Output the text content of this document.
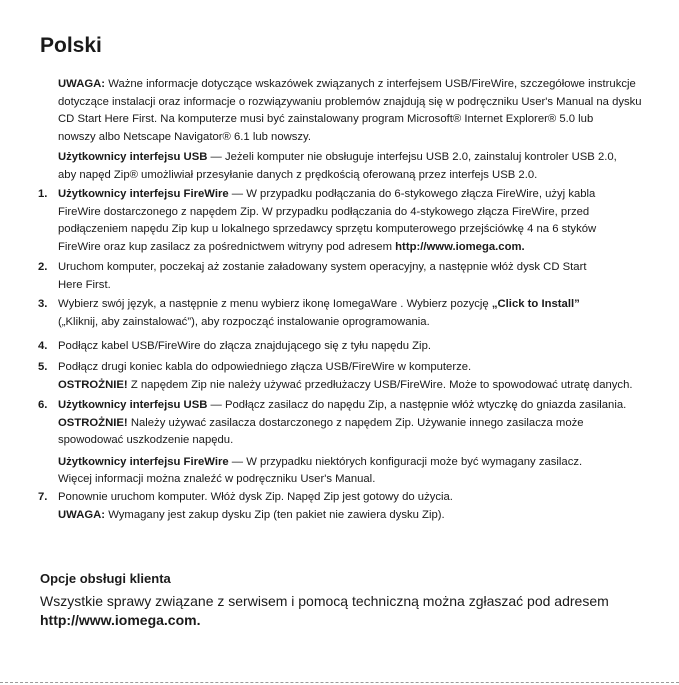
Polski
UWAGA: Ważne informacje dotyczące wskazówek związanych z interfejsem USB/FireWire, szczegółowe instrukcje
dotyczące instalacji oraz informacje o rozwiązywaniu problemów znajdują się w podręczniku User's Manual na dysku
CD Start Here First. Na komputerze musi być zainstalowany program Microsoft® Internet Explorer® 5.0 lub
nowszy albo Netscape Navigator® 6.1 lub nowszy.
Użytkownicy interfejsu USB — Jeżeli komputer nie obsługuje interfejsu USB 2.0, zainstaluj kontroler USB 2.0,
aby napęd Zip® umożliwiał przesyłanie danych z prędkością oferowaną przez interfejs USB 2.0.
1. Użytkownicy interfejsu FireWire — W przypadku podłączania do 6-stykowego złącza FireWire, użyj kabla
FireWire dostarczonego z napędem Zip. W przypadku podłączania do 4-stykowego złącza FireWire, przed
podłączeniem napędu Zip kup u lokalnego sprzedawcy sprzętu komputerowego przejściówkę 4 na 6 styków
FireWire oraz kup zasilacz za pośrednictwem witryny pod adresem http://www.iomega.com.
2. Uruchom komputer, poczekaj aż zostanie załadowany system operacyjny, a następnie włóż dysk CD Start
Here First.
3. Wybierz swój język, a następnie z menu wybierz ikonę IomegaWare . Wybierz pozycję „Click to Install”
(„Kliknij, aby zainstalować”), aby rozpocząć instalowanie oprogramowania.
4. Podłącz kabel USB/FireWire do złącza znajdującego się z tyłu napędu Zip.
5. Podłącz drugi koniec kabla do odpowiedniego złącza USB/FireWire w komputerze.
OSTROŻNIE! Z napędem Zip nie należy używać przedłużaczy USB/FireWire. Może to spowodować utratę danych.
6. Użytkownicy interfejsu USB — Podłącz zasilacz do napędu Zip, a następnie włóż wtyczkę do gniazda zasilania.
OSTROŻNIE! Należy używać zasilacza dostarczonego z napędem Zip. Używanie innego zasilacza może
spowodować uszkodzenie napędu.
Użytkownicy interfejsu FireWire — W przypadku niektórych konfiguracji może być wymagany zasilacz.
Więcej informacji można znaleźć w podręczniku User's Manual.
7. Ponownie uruchom komputer. Włóż dysk Zip. Napęd Zip jest gotowy do użycia.
UWAGA: Wymagany jest zakup dysku Zip (ten pakiet nie zawiera dysku Zip).
Opcje obsługi klienta
Wszystkie sprawy związane z serwisem i pomocą techniczną można zgłaszać pod adresem
http://www.iomega.com.
